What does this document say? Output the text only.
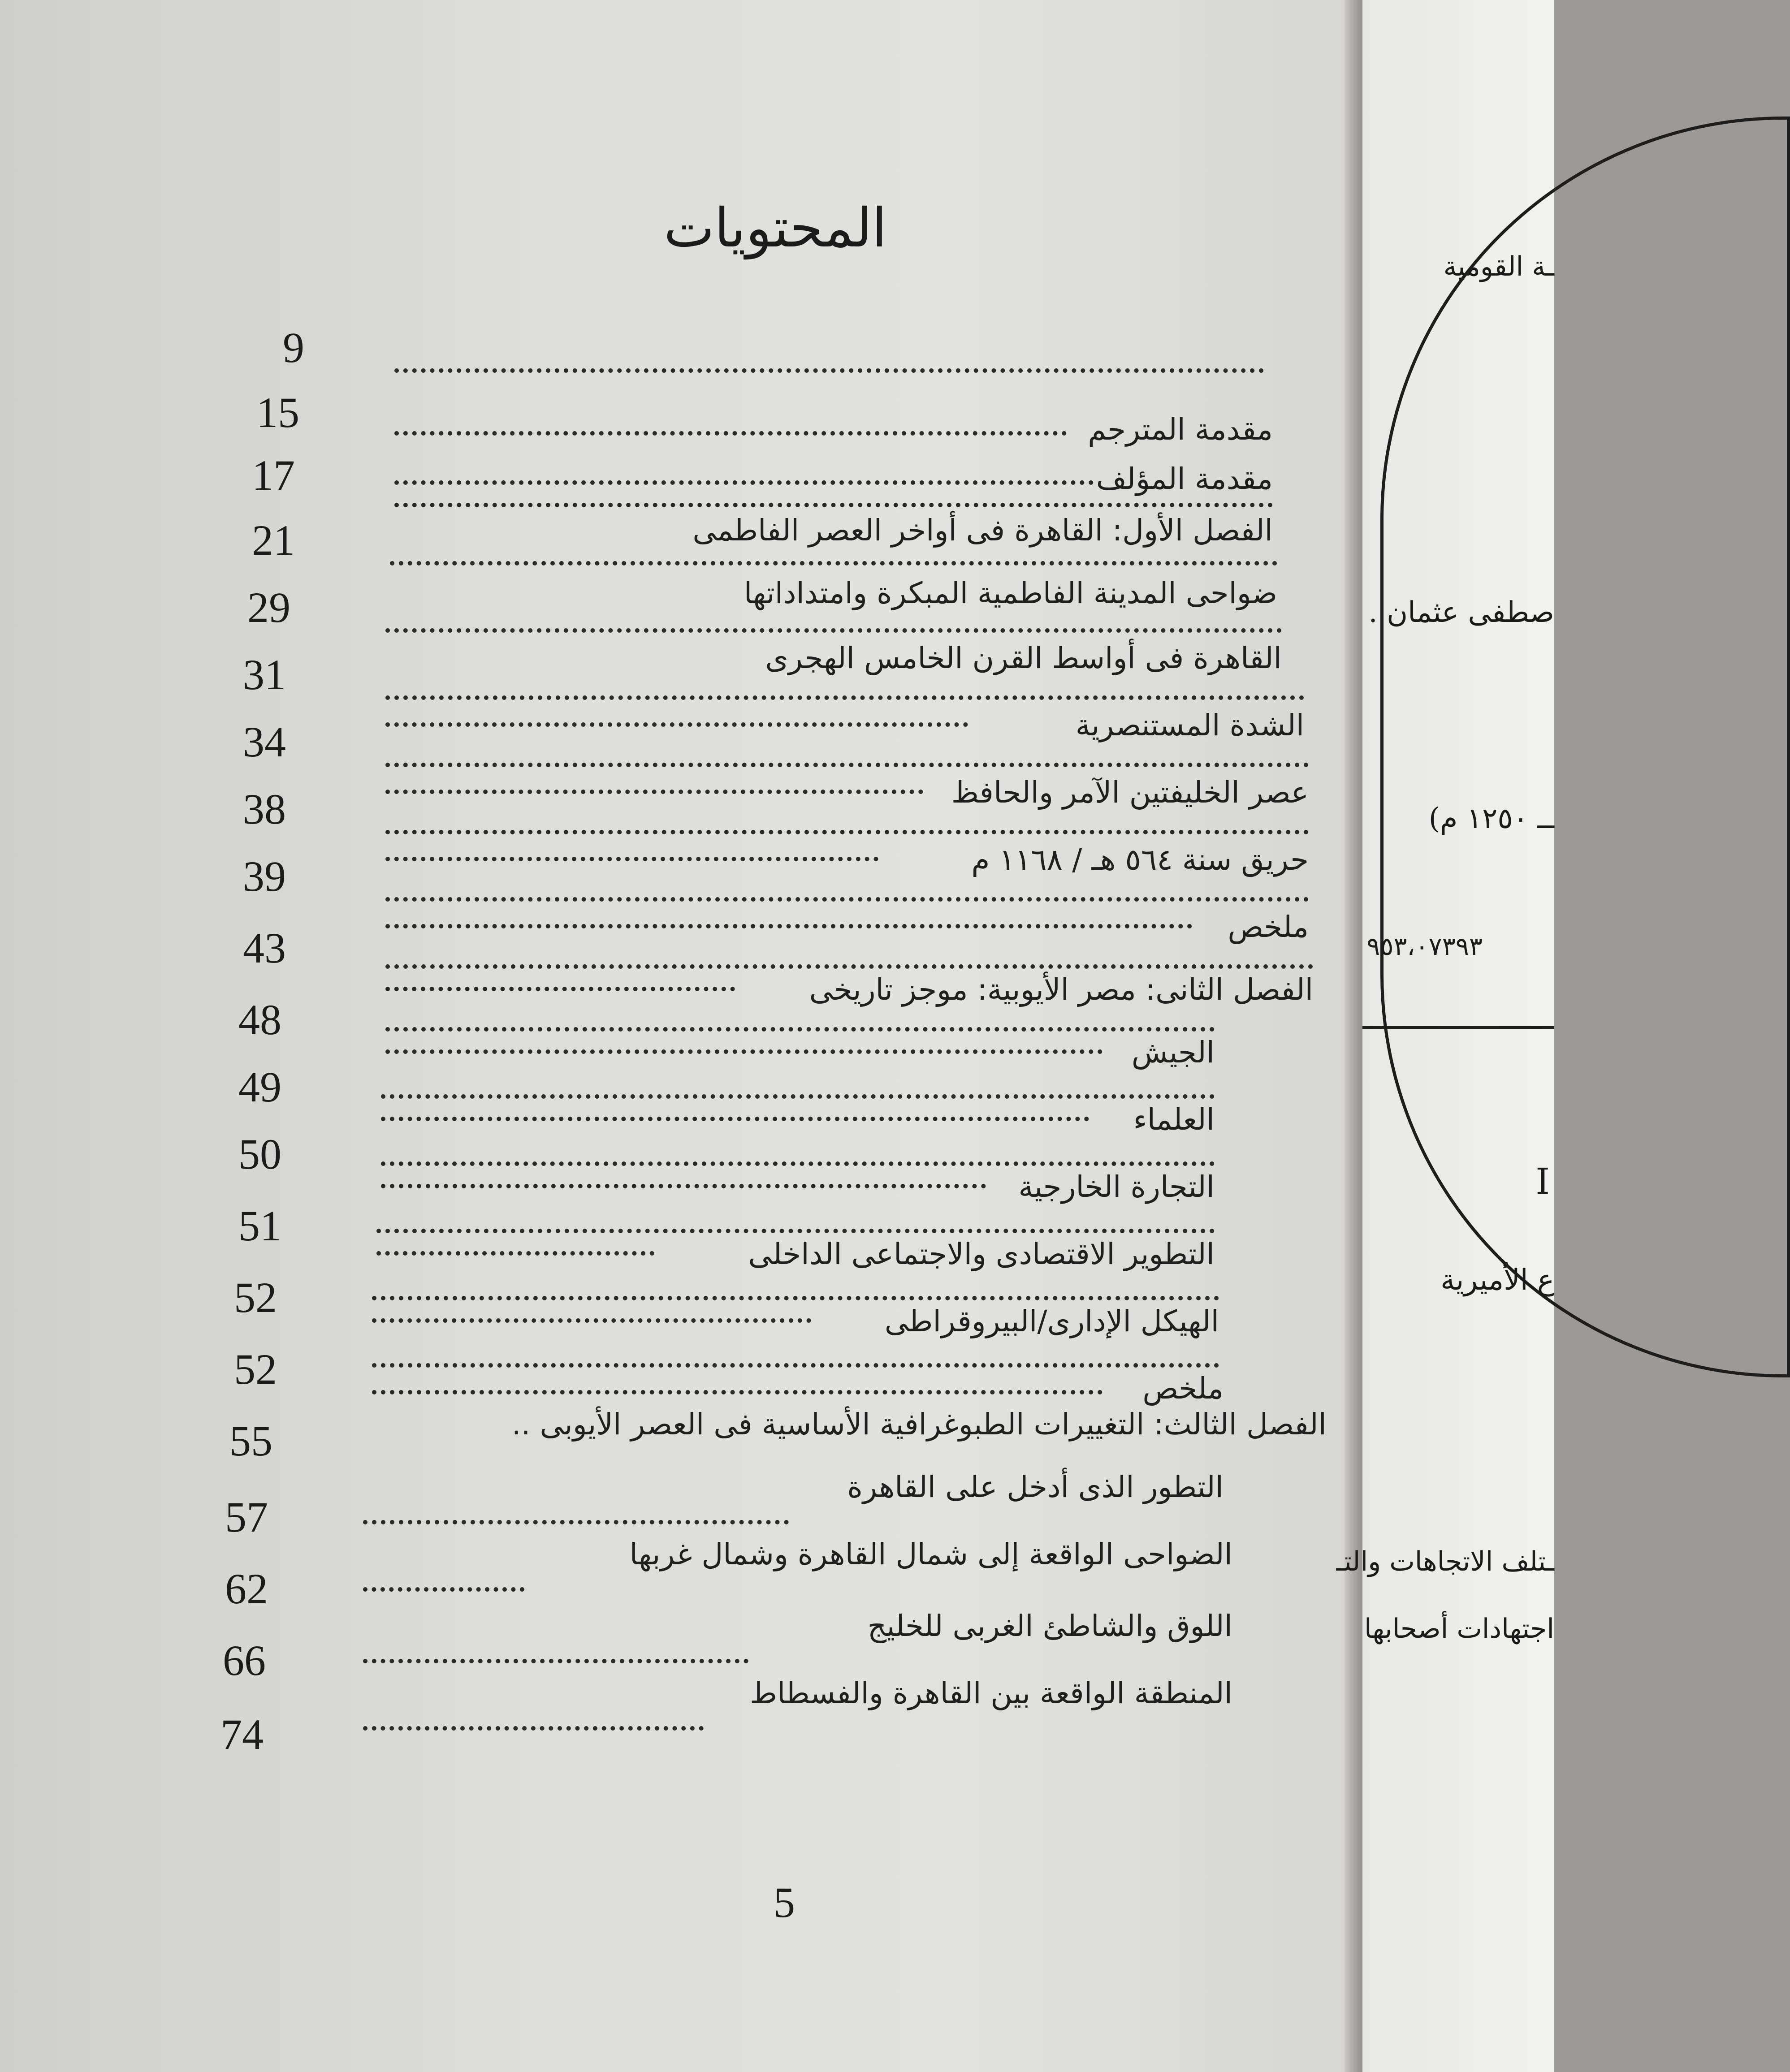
المحتويات
مقدمة المترجم
مقدمة المؤلف
الفصل الأول: القاهرة فى أواخر العصر الفاطمى
ضواحى المدينة الفاطمية المبكرة وامتداداتها
القاهرة فى أواسط القرن الخامس الهجرى
الشدة المستنصرية
عصر الخليفتين الآمر والحافظ
حريق سنة ٥٦٤ هـ / ١١٦٨ م
ملخص
الفصل الثانى: مصر الأيوبية: موجز تاريخى
الجيش
العلماء
التجارة الخارجية
التطوير الاقتصادى والاجتماعى الداخلى
الهيكل الإدارى/البيروقراطى
ملخص
الفصل الثالث: التغييرات الطبوغرافية الأساسية فى العصر الأيوبى ..
التطور الذى أدخل على القاهرة
الضواحى الواقعة إلى شمال القاهرة وشمال غربها
اللوق والشاطئ الغربى للخليج
المنطقة الواقعة بين القاهرة والفسطاط
9
15
17
21
29
31
34
38
39
43
48
49
50
51
52
52
55
57
62
66
74
5
ـة القومية
صطفى عثمان .
ــ ١٢٥٠ م)
٩٥٣،٠٧٣٩٣
I
ع الأميرية
ـتلف الاتجاهات والتـ
اجتهادات أصحابها
